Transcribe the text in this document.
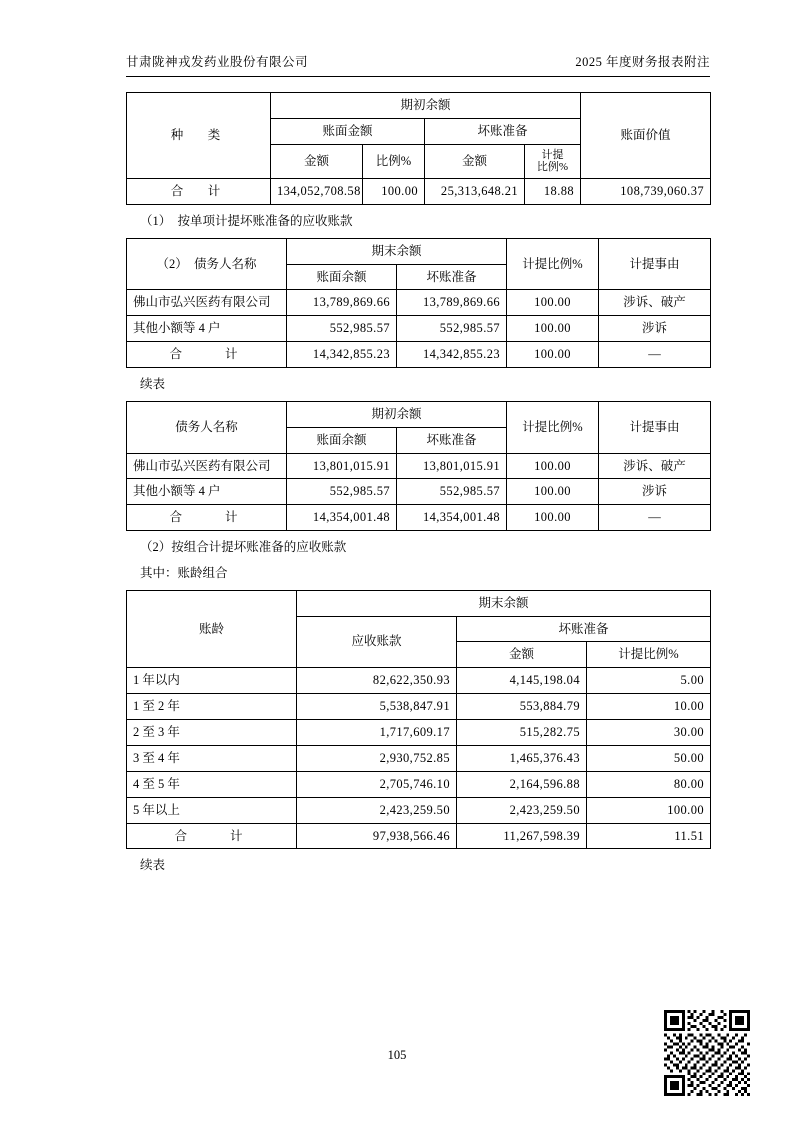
甘肃陇神戎发药业股份有限公司	2025 年度财务报表附注
种　类	期初余额				账面价值
	账面金额		坏账准备		
	金额	比例%	金额	计提
比例%	
合　计	134,052,708.58	100.00	25,313,648.21	18.88	108,739,060.37
（1）　按单项计提坏账准备的应收账款
（2）　债务人名称	期末余额		计提比例%	计提事由
	账面余额	坏账准备		
佛山市弘兴医药有限公司	13,789,869.66	13,789,869.66	100.00	涉诉、破产
其他小额等 4 户	552,985.57	552,985.57	100.00	涉诉
合　　计	14,342,855.23	14,342,855.23	100.00	—
续表
债务人名称	期初余额		计提比例%	计提事由
	账面余额	坏账准备		
佛山市弘兴医药有限公司	13,801,015.91	13,801,015.91	100.00	涉诉、破产
其他小额等 4 户	552,985.57	552,985.57	100.00	涉诉
合　　计	14,354,001.48	14,354,001.48	100.00	—
（2）按组合计提坏账准备的应收账款
其中：账龄组合
账龄	期末余额		
	应收账款	坏账准备	
		金额	计提比例%
1 年以内	82,622,350.93	4,145,198.04	5.00
1 至 2 年	5,538,847.91	553,884.79	10.00
2 至 3 年	1,717,609.17	515,282.75	30.00
3 至 4 年	2,930,752.85	1,465,376.43	50.00
4 至 5 年	2,705,746.10	2,164,596.88	80.00
5 年以上	2,423,259.50	2,423,259.50	100.00
合　　计	97,938,566.46	11,267,598.39	11.51
续表
105
